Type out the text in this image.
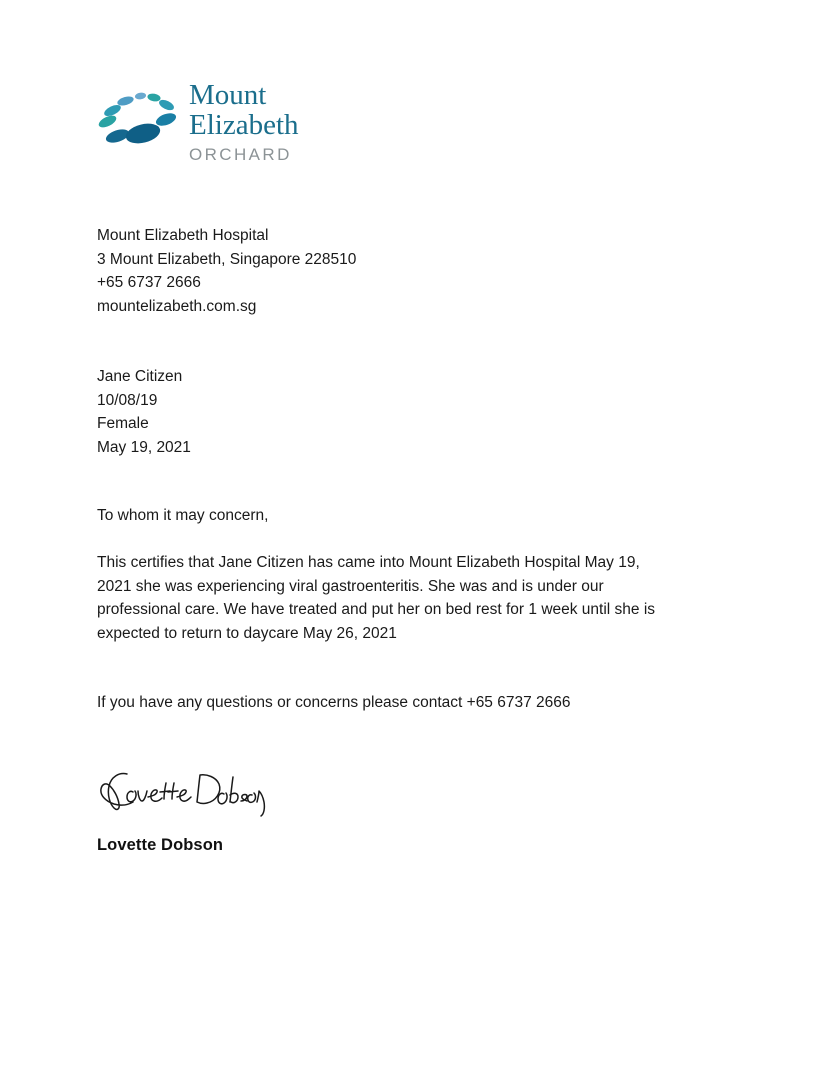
Mount
Elizabeth
ORCHARD
Mount Elizabeth Hospital
3 Mount Elizabeth, Singapore 228510
+65 6737 2666
mountelizabeth.com.sg
Jane Citizen
10/08/19
Female
May 19, 2021
To whom it may concern,

This certifies that Jane Citizen has came into Mount Elizabeth Hospital May 19, 2021 she was experiencing viral gastroenteritis. She was and is under our professional care. We have treated and put her on bed rest for 1 week until she is expected to return to daycare May 26, 2021

If you have any questions or concerns please contact +65 6737 2666
Lovette Dobson
